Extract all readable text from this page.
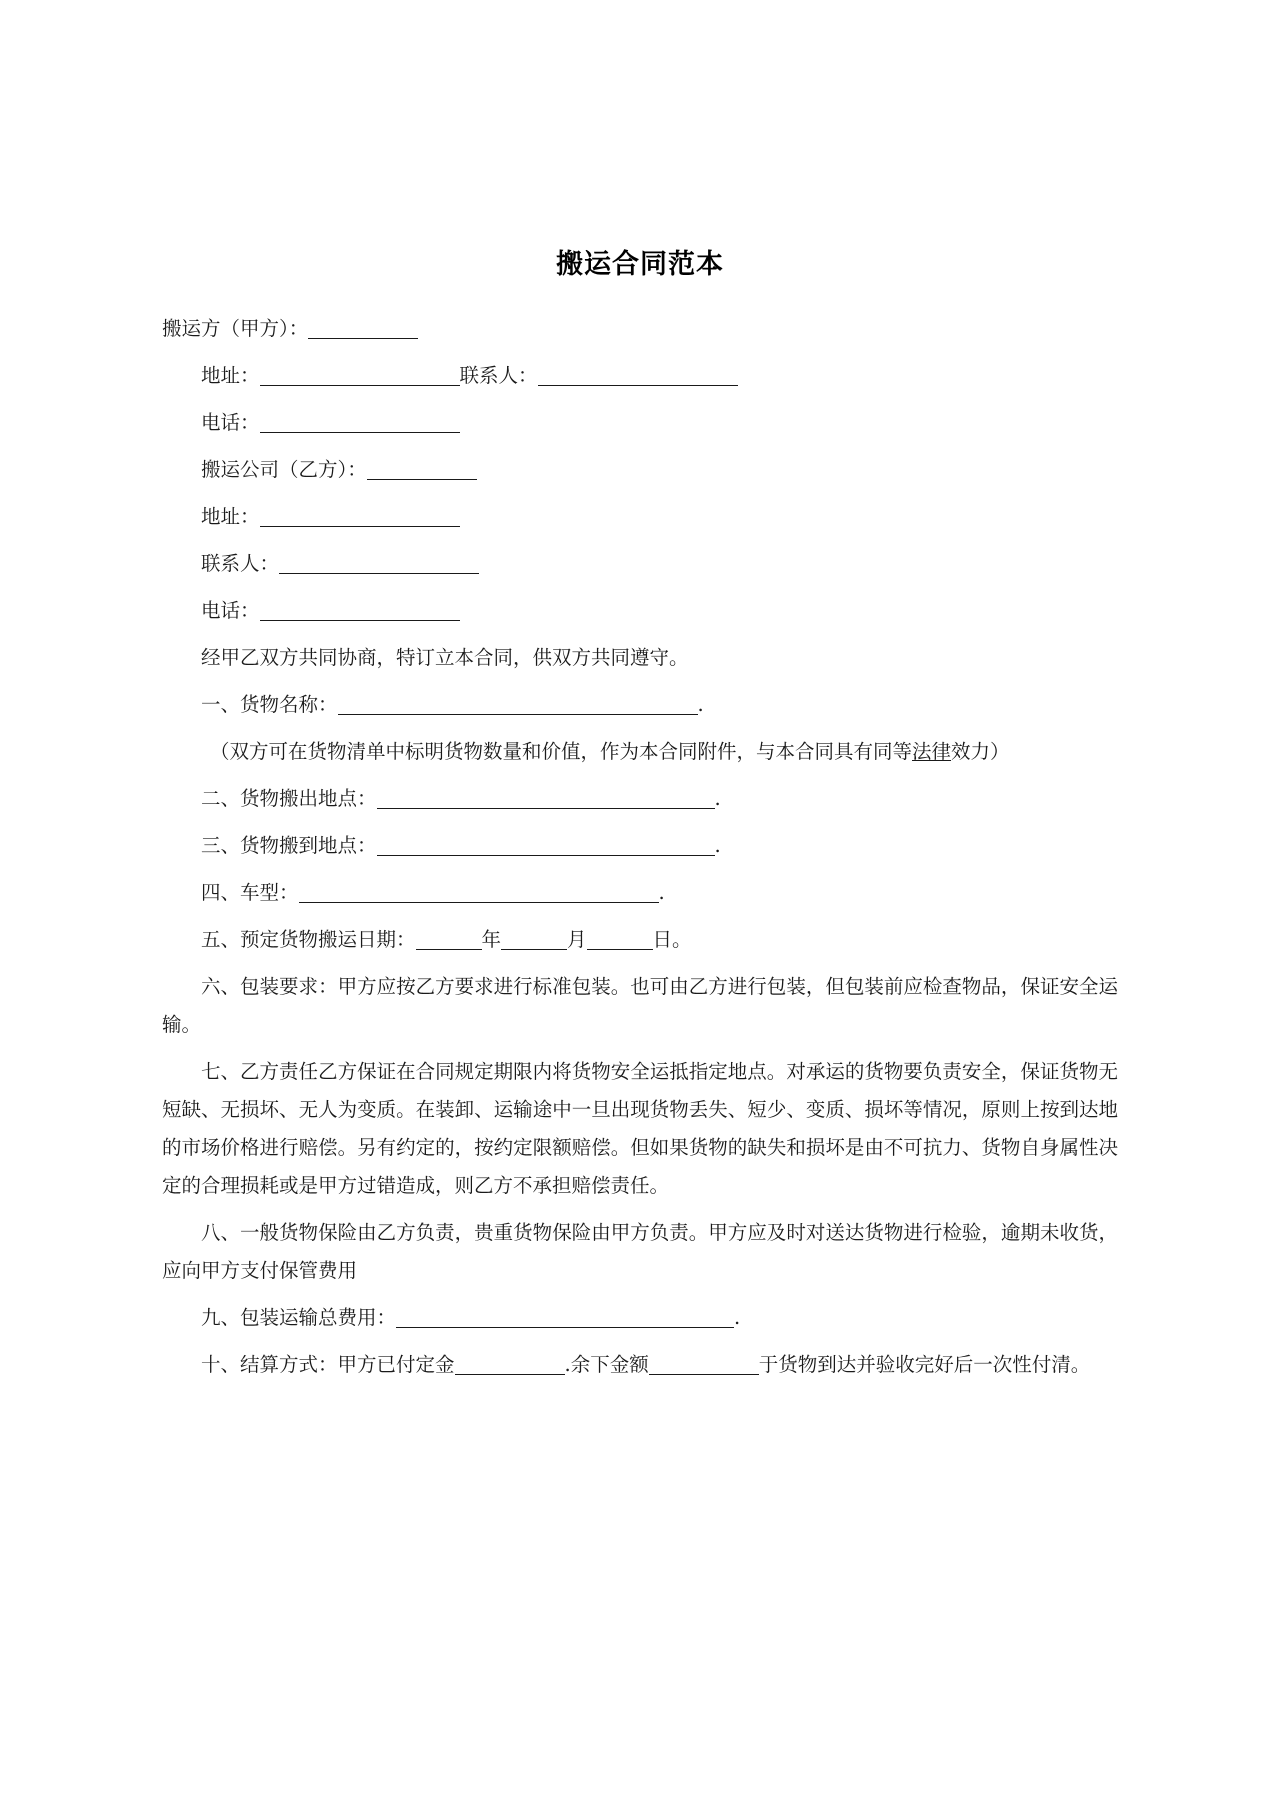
搬运合同范本

搬运方（甲方）：

地址：	联系人：

电话：

搬运公司（乙方）：

地址：

联系人：

电话：

经甲乙双方共同协商，特订立本合同，供双方共同遵守。

一、货物名称：	.

（双方可在货物清单中标明货物数量和价值，作为本合同附件，与本合同具有同等法律效力）

二、货物搬出地点：	.

三、货物搬到地点：	.

四、车型：	.

五、预定货物搬运日期：	年	月	日。

六、包装要求：甲方应按乙方要求进行标准包装。也可由乙方进行包装，但包装前应检查物品，保证安全运输。

七、乙方责任乙方保证在合同规定期限内将货物安全运抵指定地点。对承运的货物要负责安全，保证货物无短缺、无损坏、无人为变质。在装卸、运输途中一旦出现货物丢失、短少、变质、损坏等情况，原则上按到达地的市场价格进行赔偿。另有约定的，按约定限额赔偿。但如果货物的缺失和损坏是由不可抗力、货物自身属性决定的合理损耗或是甲方过错造成，则乙方不承担赔偿责任。

八、一般货物保险由乙方负责，贵重货物保险由甲方负责。甲方应及时对送达货物进行检验，逾期未收货，应向甲方支付保管费用

九、包装运输总费用：	.

十、结算方式：甲方已付定金	.余下金额	于货物到达并验收完好后一次性付清。
